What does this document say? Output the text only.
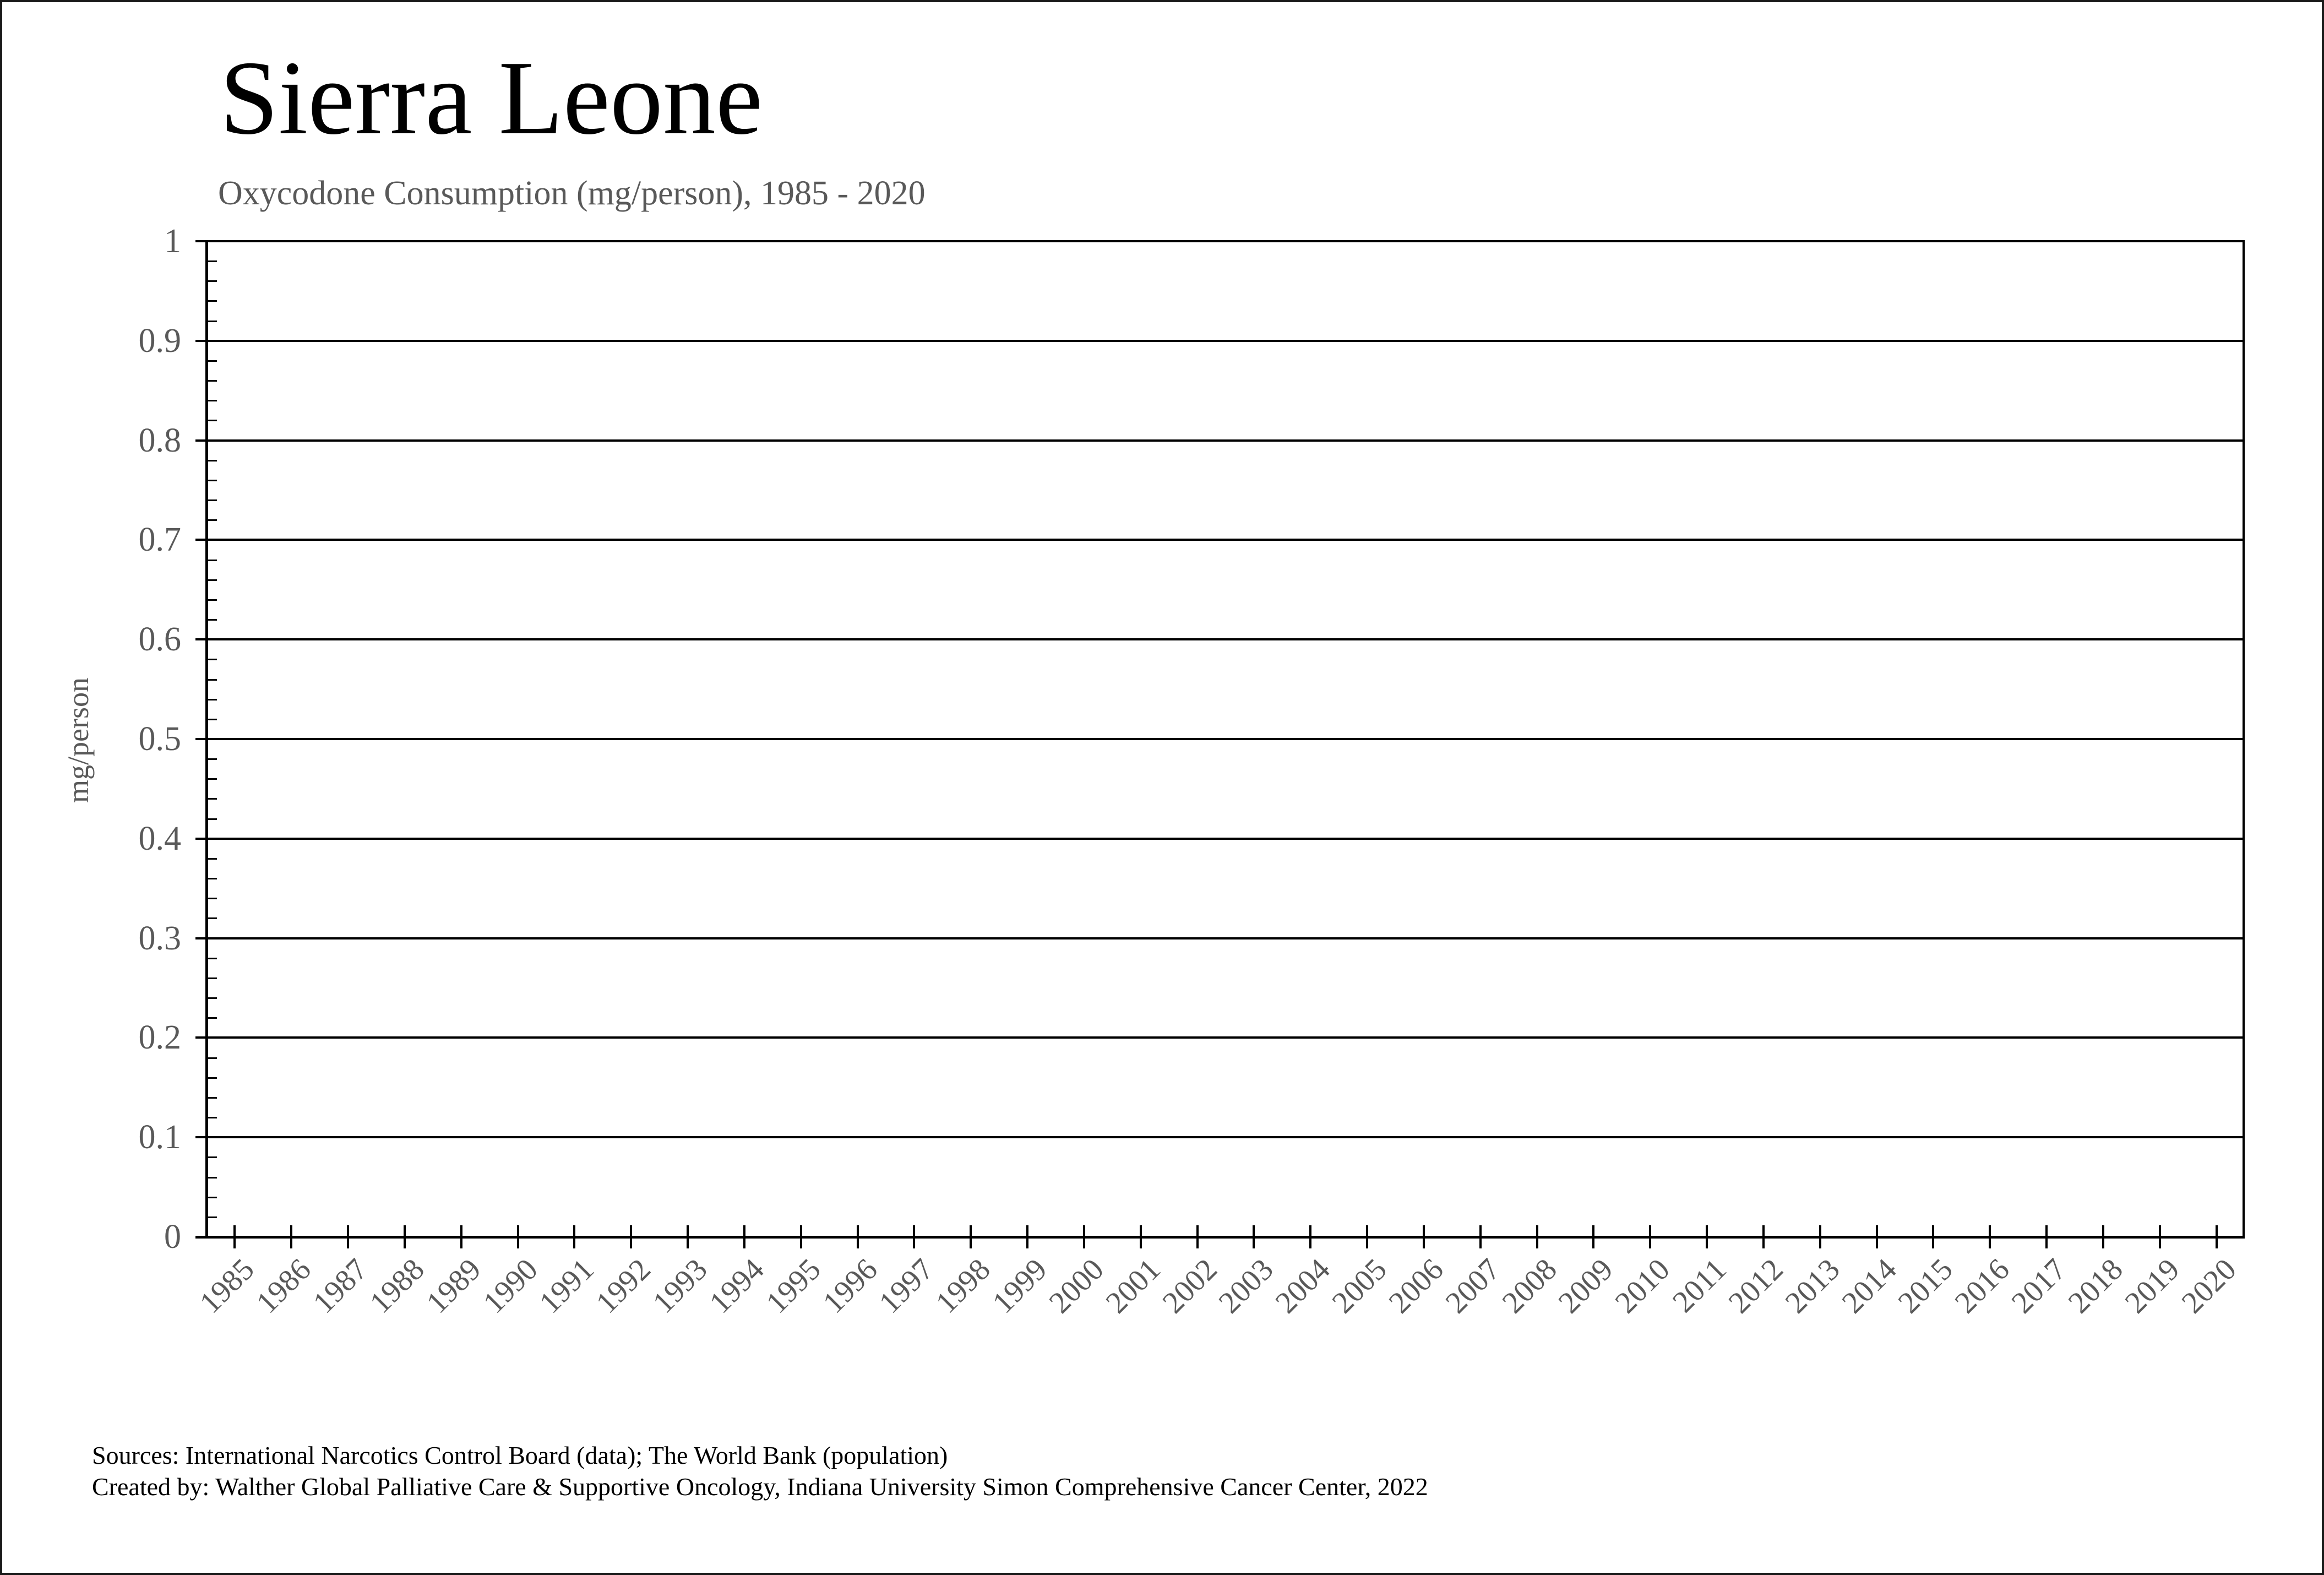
Sierra Leone
Oxycodone Consumption (mg/person), 1985 - 2020
mg/person
1
0.9
0.8
0.7
0.6
0.5
0.4
0.3
0.2
0.1
0
1985
1986
1987
1988
1989
1990
1991
1992
1993
1994
1995
1996
1997
1998
1999
2000
2001
2002
2003
2004
2005
2006
2007
2008
2009
2010
2011
2012
2013
2014
2015
2016
2017
2018
2019
2020
Sources: International Narcotics Control Board (data); The World Bank (population)
Created by: Walther Global Palliative Care & Supportive Oncology, Indiana University Simon Comprehensive Cancer Center, 2022
